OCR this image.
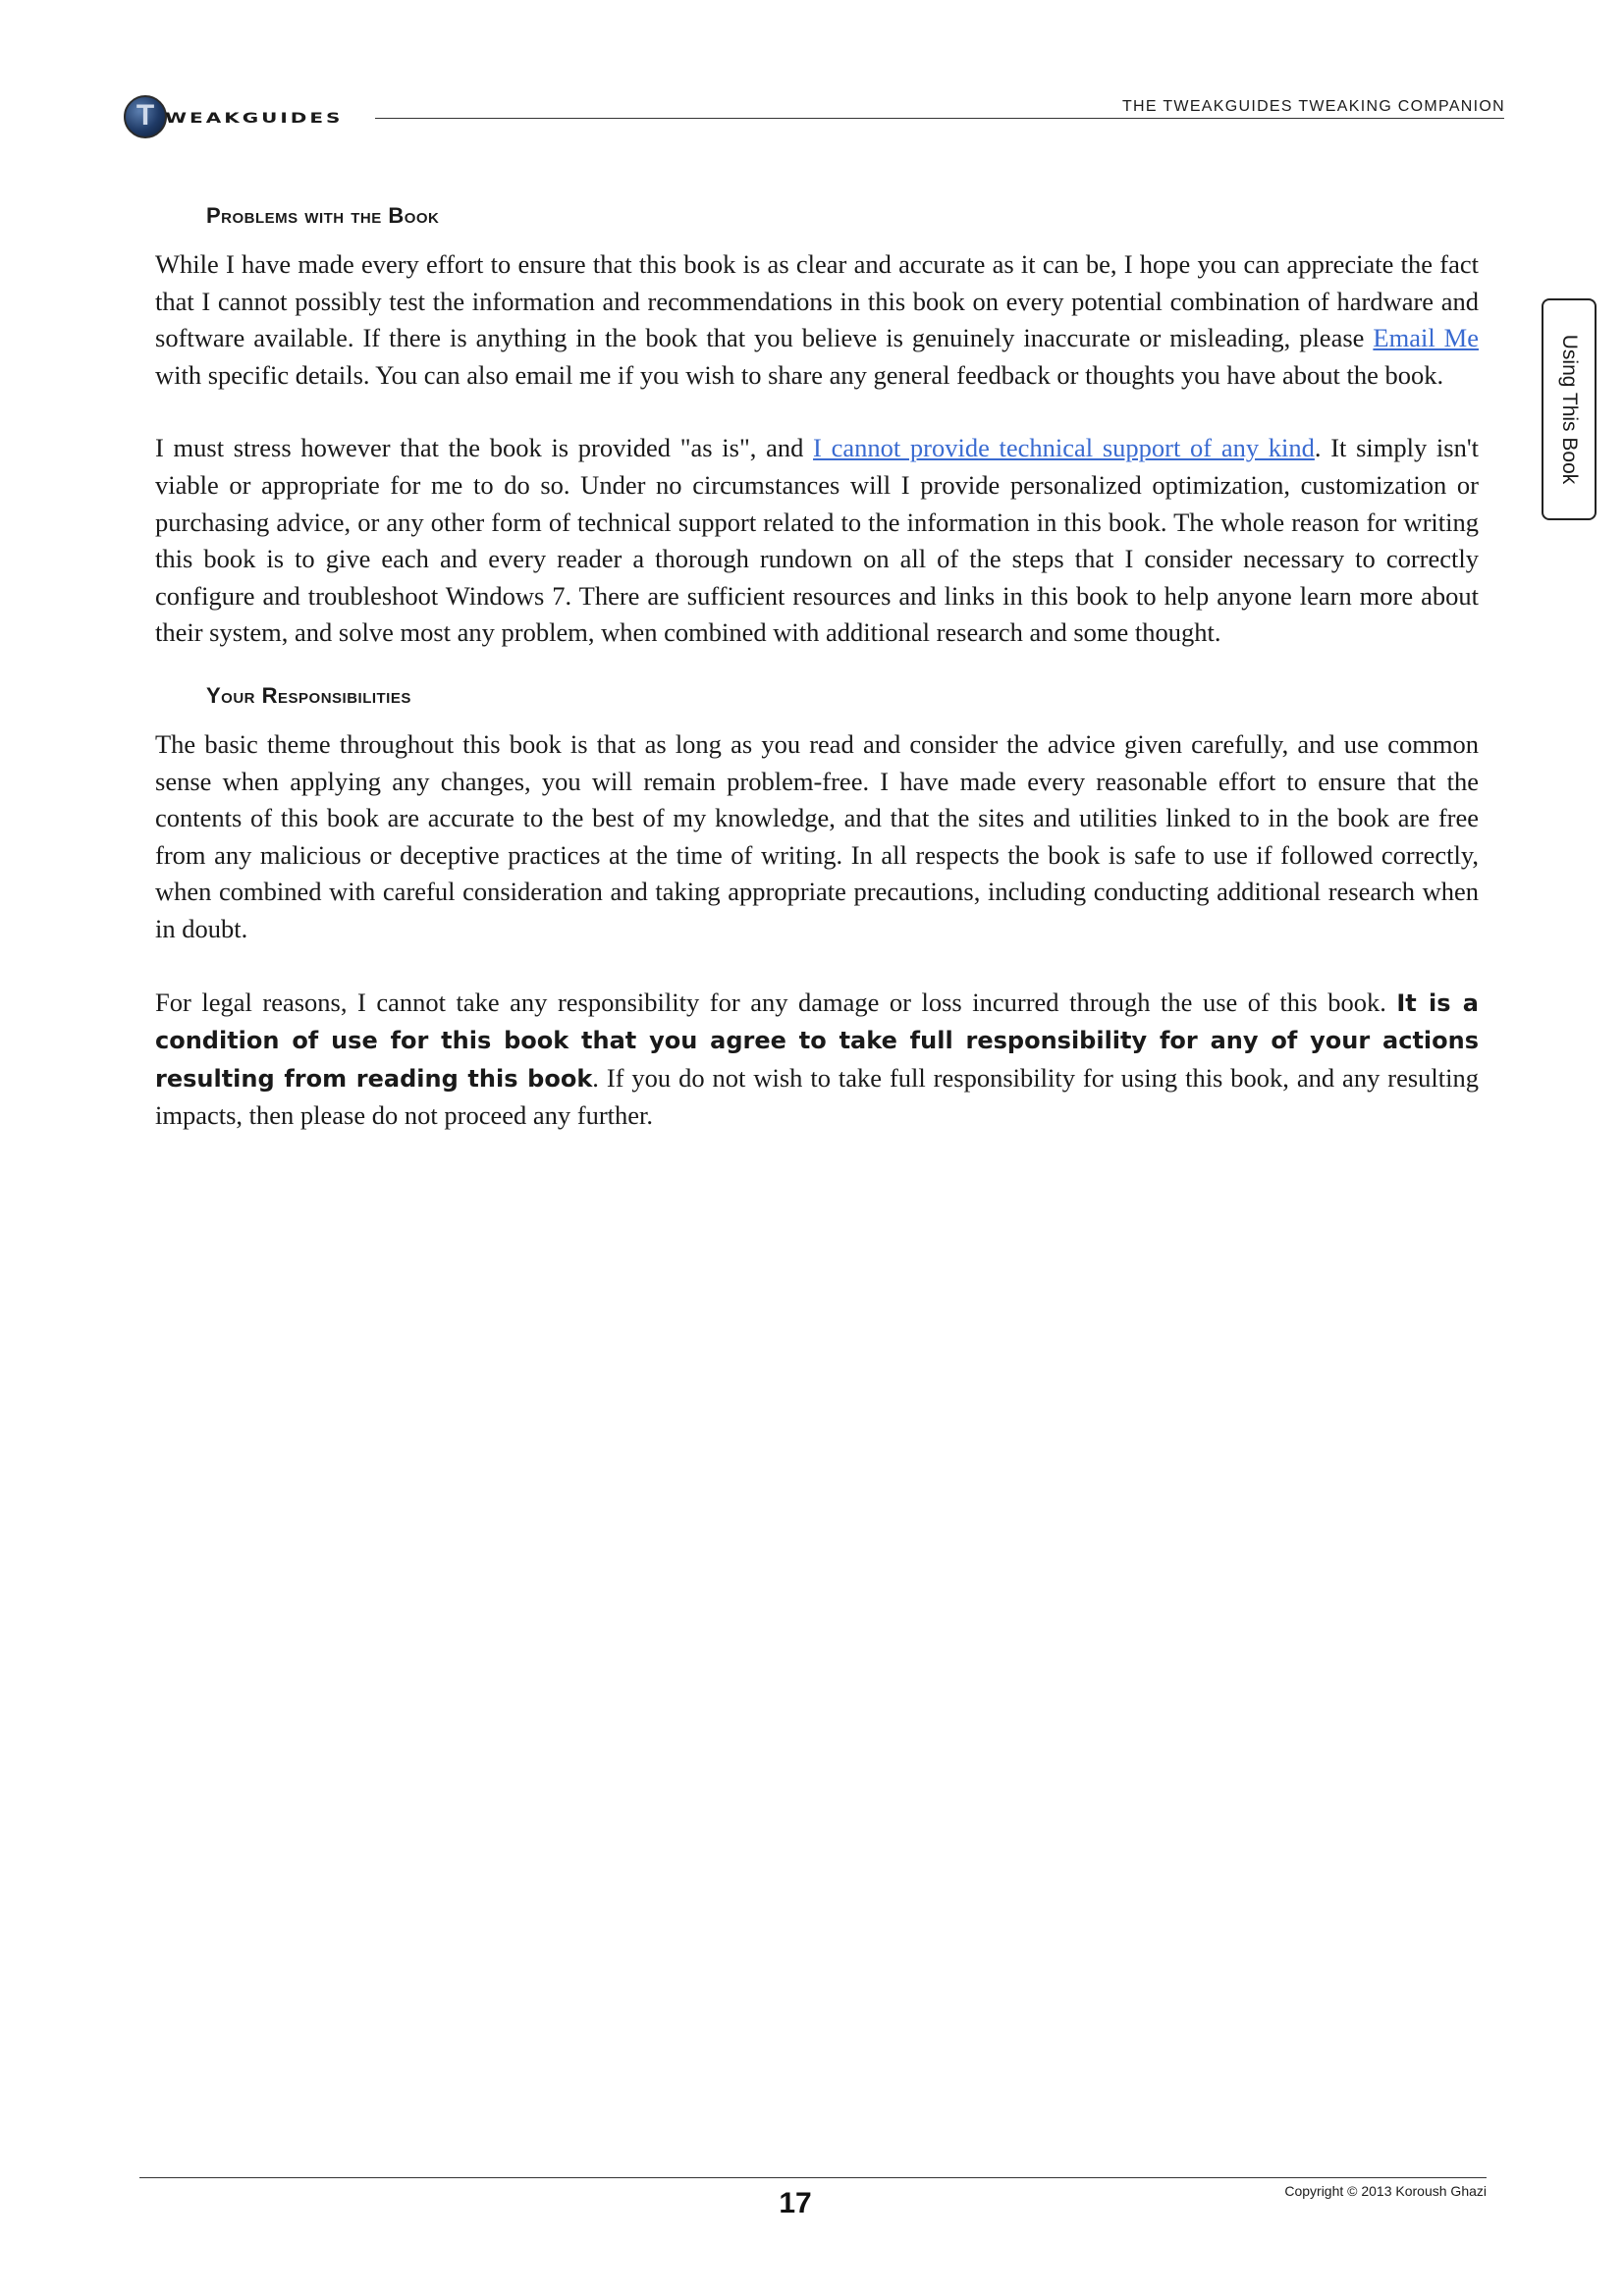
T WEAKGUIDES
THE TWEAKGUIDES TWEAKING COMPANION
Using This Book
Problems with the Book

While I have made every effort to ensure that this book is as clear and accurate as it can be, I hope you can appreciate the fact that I cannot possibly test the information and recommendations in this book on every potential combination of hardware and software available. If there is anything in the book that you believe is genuinely inaccurate or misleading, please Email Me with specific details. You can also email me if you wish to share any general feedback or thoughts you have about the book.

I must stress however that the book is provided "as is", and I cannot provide technical support of any kind. It simply isn't viable or appropriate for me to do so. Under no circumstances will I provide personalized optimization, customization or purchasing advice, or any other form of technical support related to the information in this book. The whole reason for writing this book is to give each and every reader a thorough rundown on all of the steps that I consider necessary to correctly configure and troubleshoot Windows 7. There are sufficient resources and links in this book to help anyone learn more about their system, and solve most any problem, when combined with additional research and some thought.

Your Responsibilities

The basic theme throughout this book is that as long as you read and consider the advice given carefully, and use common sense when applying any changes, you will remain problem-free. I have made every reasonable effort to ensure that the contents of this book are accurate to the best of my knowledge, and that the sites and utilities linked to in the book are free from any malicious or deceptive practices at the time of writing. In all respects the book is safe to use if followed correctly, when combined with careful consideration and taking appropriate precautions, including conducting additional research when in doubt.

For legal reasons, I cannot take any responsibility for any damage or loss incurred through the use of this book. It is a condition of use for this book that you agree to take full responsibility for any of your actions resulting from reading this book. If you do not wish to take full responsibility for using this book, and any resulting impacts, then please do not proceed any further.

17	Copyright © 2013 Koroush Ghazi
